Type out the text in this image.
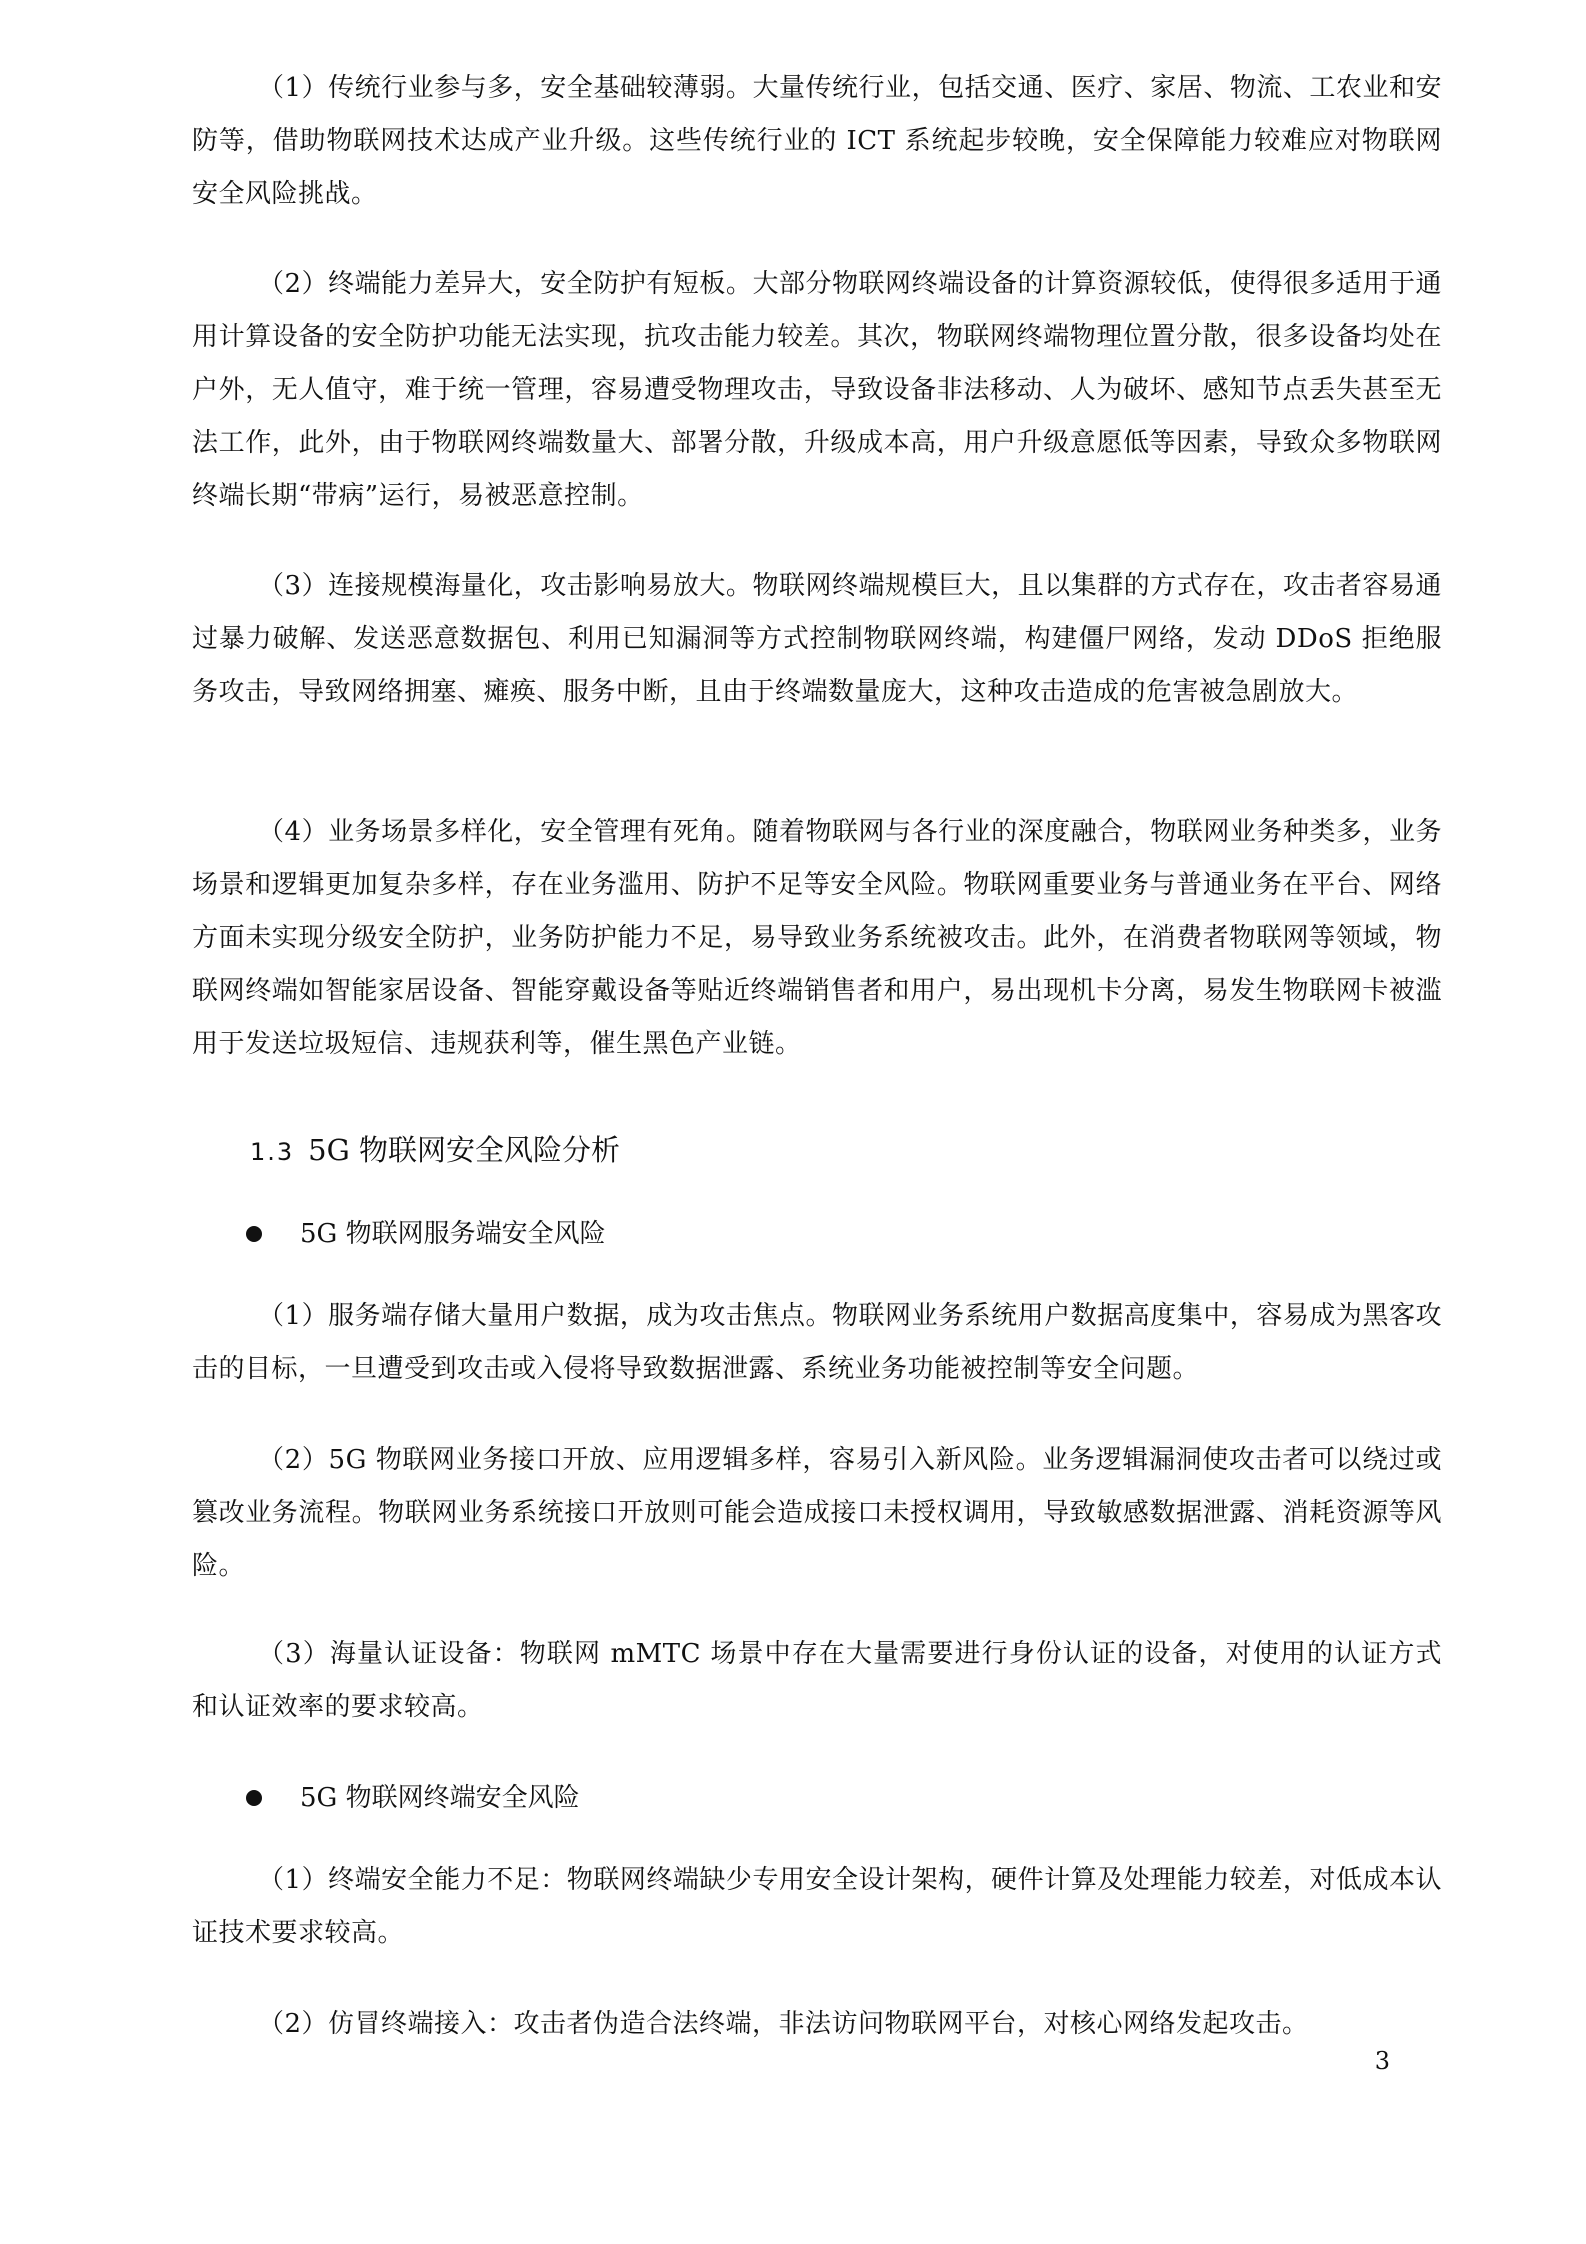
（1）传统行业参与多，安全基础较薄弱。大量传统行业，包括交通、医疗、家居、物流、工农业和安防等，借助物联网技术达成产业升级。这些传统行业的 ICT 系统起步较晚，安全保障能力较难应对物联网安全风险挑战。

（2）终端能力差异大，安全防护有短板。大部分物联网终端设备的计算资源较低，使得很多适用于通用计算设备的安全防护功能无法实现，抗攻击能力较差。其次，物联网终端物理位置分散，很多设备均处在户外，无人值守，难于统一管理，容易遭受物理攻击，导致设备非法移动、人为破坏、感知节点丢失甚至无法工作，此外，由于物联网终端数量大、部署分散，升级成本高，用户升级意愿低等因素，导致众多物联网终端长期“带病”运行，易被恶意控制。

（3）连接规模海量化，攻击影响易放大。物联网终端规模巨大，且以集群的方式存在，攻击者容易通过暴力破解、发送恶意数据包、利用已知漏洞等方式控制物联网终端，构建僵尸网络，发动 DDoS 拒绝服务攻击，导致网络拥塞、瘫痪、服务中断，且由于终端数量庞大，这种攻击造成的危害被急剧放大。

（4）业务场景多样化，安全管理有死角。随着物联网与各行业的深度融合，物联网业务种类多，业务场景和逻辑更加复杂多样，存在业务滥用、防护不足等安全风险。物联网重要业务与普通业务在平台、网络方面未实现分级安全防护，业务防护能力不足，易导致业务系统被攻击。此外，在消费者物联网等领域，物联网终端如智能家居设备、智能穿戴设备等贴近终端销售者和用户，易出现机卡分离，易发生物联网卡被滥用于发送垃圾短信、违规获利等，催生黑色产业链。

1.3 5G 物联网安全风险分析

5G 物联网服务端安全风险

（1）服务端存储大量用户数据，成为攻击焦点。物联网业务系统用户数据高度集中，容易成为黑客攻击的目标，一旦遭受到攻击或入侵将导致数据泄露、系统业务功能被控制等安全问题。

（2）5G 物联网业务接口开放、应用逻辑多样，容易引入新风险。业务逻辑漏洞使攻击者可以绕过或篡改业务流程。物联网业务系统接口开放则可能会造成接口未授权调用，导致敏感数据泄露、消耗资源等风险。

（3）海量认证设备：物联网 mMTC 场景中存在大量需要进行身份认证的设备，对使用的认证方式和认证效率的要求较高。

5G 物联网终端安全风险

（1）终端安全能力不足：物联网终端缺少专用安全设计架构，硬件计算及处理能力较差，对低成本认证技术要求较高。

（2）仿冒终端接入：攻击者伪造合法终端，非法访问物联网平台，对核心网络发起攻击。

3
